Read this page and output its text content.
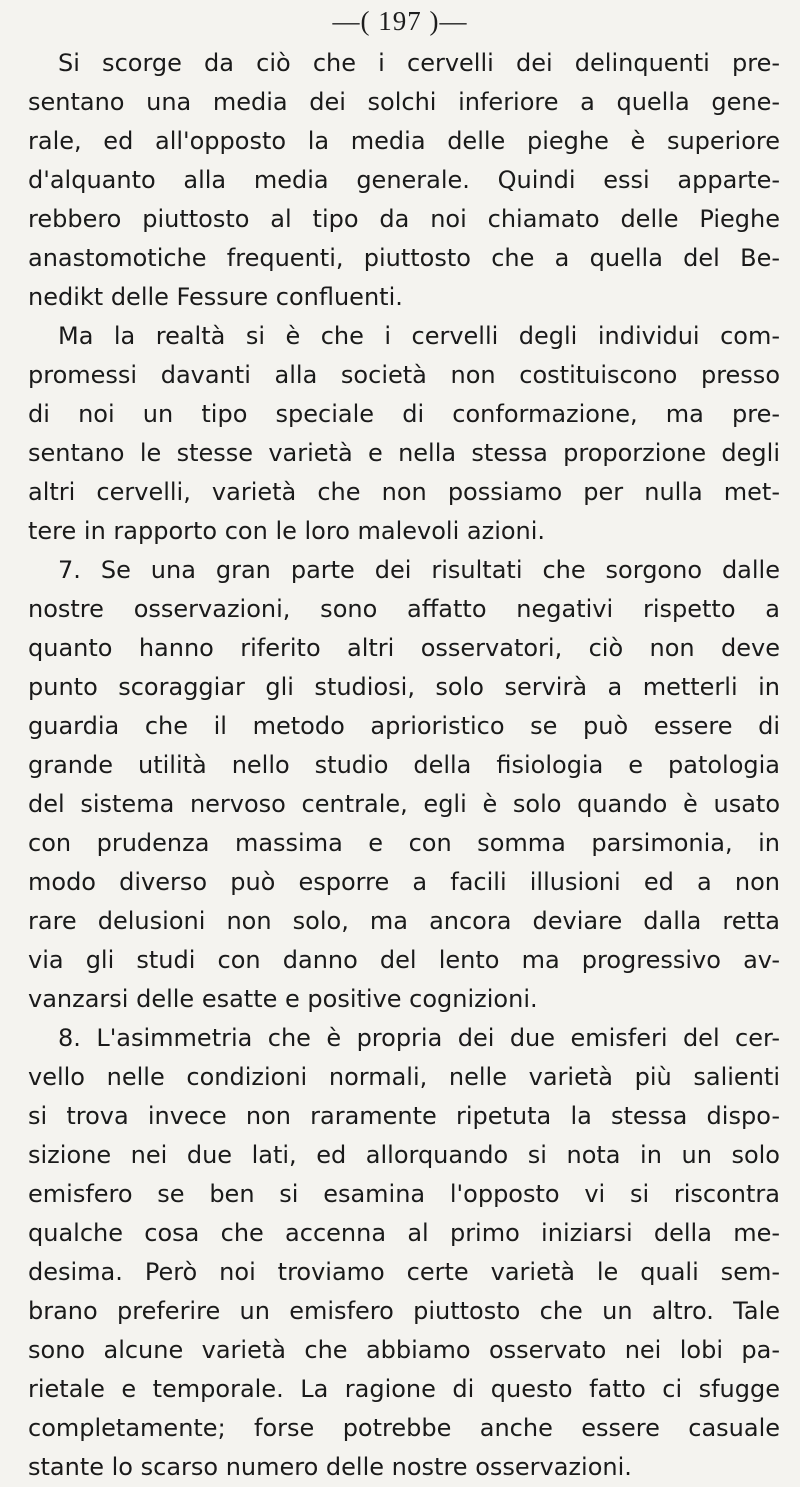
—( 197 )—
Si scorge da ciò che i cervelli dei delinquenti pre-
sentano una media dei solchi inferiore a quella gene-
rale, ed all'opposto la media delle pieghe è superiore
d'alquanto alla media generale. Quindi essi apparte-
rebbero piuttosto al tipo da noi chiamato delle Pieghe
anastomotiche frequenti, piuttosto che a quella del Be-
nedikt delle Fessure confluenti.
Ma la realtà si è che i cervelli degli individui com-
promessi davanti alla società non costituiscono presso
di noi un tipo speciale di conformazione, ma pre-
sentano le stesse varietà e nella stessa proporzione degli
altri cervelli, varietà che non possiamo per nulla met-
tere in rapporto con le loro malevoli azioni.
7. Se una gran parte dei risultati che sorgono dalle
nostre osservazioni, sono affatto negativi rispetto a
quanto hanno riferito altri osservatori, ciò non deve
punto scoraggiar gli studiosi, solo servirà a metterli in
guardia che il metodo aprioristico se può essere di
grande utilità nello studio della fisiologia e patologia
del sistema nervoso centrale, egli è solo quando è usato
con prudenza massima e con somma parsimonia, in
modo diverso può esporre a facili illusioni ed a non
rare delusioni non solo, ma ancora deviare dalla retta
via gli studi con danno del lento ma progressivo av-
vanzarsi delle esatte e positive cognizioni.
8. L'asimmetria che è propria dei due emisferi del cer-
vello nelle condizioni normali, nelle varietà più salienti
si trova invece non raramente ripetuta la stessa dispo-
sizione nei due lati, ed allorquando si nota in un solo
emisfero se ben si esamina l'opposto vi si riscontra
qualche cosa che accenna al primo iniziarsi della me-
desima. Però noi troviamo certe varietà le quali sem-
brano preferire un emisfero piuttosto che un altro. Tale
sono alcune varietà che abbiamo osservato nei lobi pa-
rietale e temporale. La ragione di questo fatto ci sfugge
completamente; forse potrebbe anche essere casuale
stante lo scarso numero delle nostre osservazioni.
